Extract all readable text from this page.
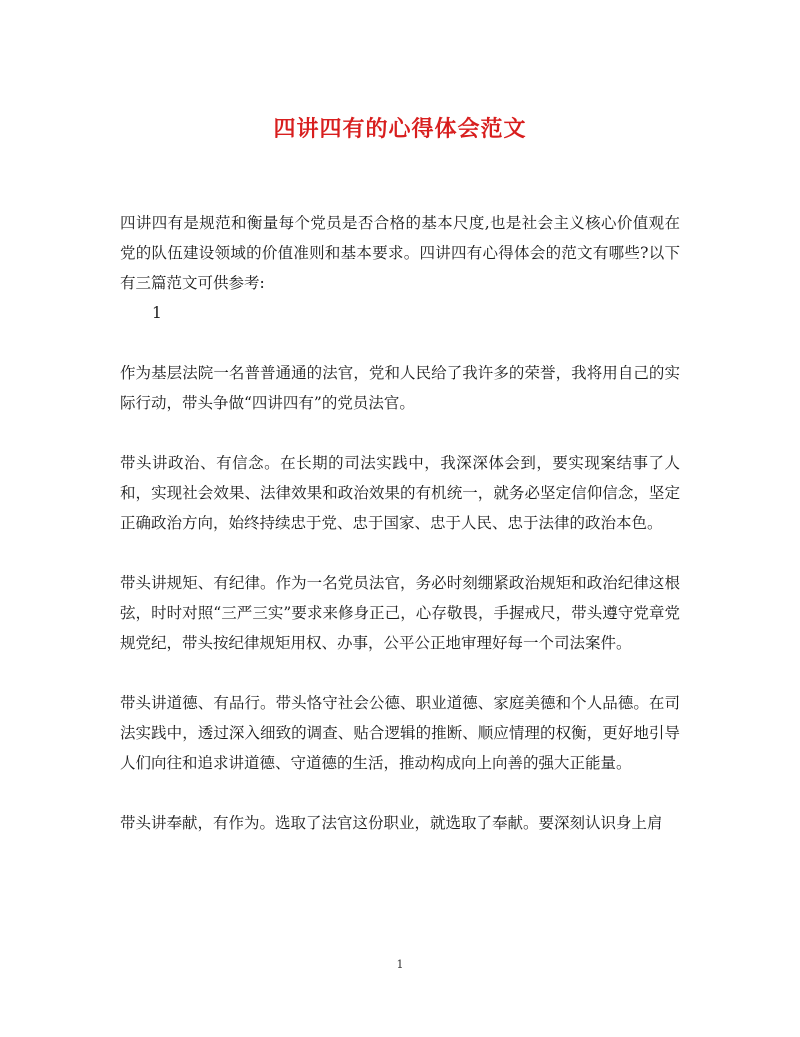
四讲四有的心得体会范文

四讲四有是规范和衡量每个党员是否合格的基本尺度,也是社会主义核心价值观在党的队伍建设领域的价值准则和基本要求。四讲四有心得体会的范文有哪些?以下有三篇范文可供参考:

1

作为基层法院一名普普通通的法官，党和人民给了我许多的荣誉，我将用自己的实际行动，带头争做“四讲四有”的党员法官。

带头讲政治、有信念。在长期的司法实践中，我深深体会到，要实现案结事了人和，实现社会效果、法律效果和政治效果的有机统一，就务必坚定信仰信念，坚定正确政治方向，始终持续忠于党、忠于国家、忠于人民、忠于法律的政治本色。

带头讲规矩、有纪律。作为一名党员法官，务必时刻绷紧政治规矩和政治纪律这根弦，时时对照“三严三实”要求来修身正己，心存敬畏，手握戒尺，带头遵守党章党规党纪，带头按纪律规矩用权、办事，公平公正地审理好每一个司法案件。

带头讲道德、有品行。带头恪守社会公德、职业道德、家庭美德和个人品德。在司法实践中，透过深入细致的调查、贴合逻辑的推断、顺应情理的权衡，更好地引导人们向往和追求讲道德、守道德的生活，推动构成向上向善的强大正能量。

带头讲奉献，有作为。选取了法官这份职业，就选取了奉献。要深刻认识身上肩

1
